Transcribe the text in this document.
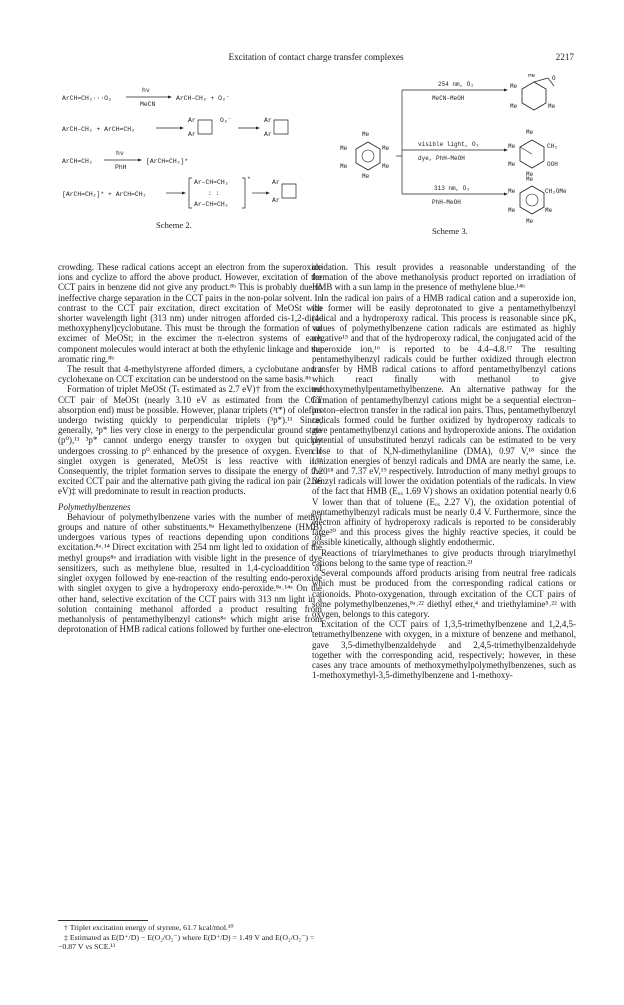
Excitation of contact charge transfer complexes	2217
ArCH=CH₂···O₂
hν
MeCN
ArCH–CH₂ + O₂⁻
ArCH–CH₂ + ArCH=CH₂
Ar
Ar
O₂⁻	Ar
Ar
ArCH=CH₂
hν
PhH
[ArCH=CH₂]*
[ArCH=CH₂]* + ArCH=CH₂
Ar–CH=CH₂
: :
Ar–CH=CH₂
*	Ar
Ar
Scheme 2.
Me
Me	Me
Me	Me
Me
254 nm, O₂
MeCN–MeOH
visible light, O₂
dye, PhH–MeOH
313 nm, O₂
PhH–MeOH
O
Me
Me
Me	Me
Me
Me
Me
Me
CH₂
OOH
Me
Me
Me
Me
Me
CH₂OMe
Scheme 3.

crowding. These radical cations accept an electron from the superoxide ions and cyclize to afford the above product. However, excitation of the CCT pairs in benzene did not give any product.⁸ᵇ This is probably due to ineffective charge separation in the CCT pairs in the non-polar solvent. In contrast to the CCT pair excitation, direct excitation of MeOSt with shorter wavelength light (313 nm) under nitrogen afforded cis-1,2-di(4-methoxyphenyl)cyclobutane. This must be through the formation of an excimer of MeOSt; in the excimer the π-electron systems of each component molecules would interact at both the ethylenic linkage and the aromatic ring.⁸ᵇ

The result that 4-methylstyrene afforded dimers, a cyclobutane and a cyclohexane on CCT excitation can be understood on the same basis.⁸ᵇ

Formation of triplet MeOSt (Tₜ estimated as 2.7 eV)† from the excited CCT pair of MeOSt (nearly 3.10 eV as estimated from the CCT absorption end) must be possible. However, planar triplets (³t*) of olefins undergo twisting quickly to perpendicular triplets (³p*).¹¹ Since, generally, ³p* lies very close in energy to the perpendicular ground state (p⁰),¹¹ ³p* cannot undergo energy transfer to oxygen but quickly undergoes crossing to p⁰ enhanced by the presence of oxygen. Even if singlet oxygen is generated, MeOSt is less reactive with it.¹² Consequently, the triplet formation serves to dissipate the energy of the excited CCT pair and the alternative path giving the radical ion pair (2.36 eV)‡ will predominate to result in reaction products.

Polymethylbenzenes

Behaviour of polymethylbenzene varies with the number of methyl groups and nature of other substituents.⁸ᵃ Hexamethylbenzene (HMB) undergoes various types of reactions depending upon conditions of excitation.⁸ᵃ˒¹⁴ Direct excitation with 254 nm light led to oxidation of the methyl groups⁸ᵃ and irradiation with visible light in the presence of dye sensitizers, such as methylene blue, resulted in 1,4-cycloaddition of singlet oxygen followed by ene-reaction of the resulting endo-peroxide with singlet oxygen to give a hydroperoxy endo-peroxide.⁸ᵃ˒¹⁴ᵃ On the other hand, selective excitation of the CCT pairs with 313 nm light in a solution containing methanol afforded a product resulting from methanolysis of pentamethylbenzyl cations⁸ᵃ which might arise from deprotonation of HMB radical cations followed by further one-electron

oxidation. This result provides a reasonable understanding of the formation of the above methanolysis product reported on irradiation of HMB with a sun lamp in the presence of methylene blue.¹⁴ᵇ

In the radical ion pairs of a HMB radical cation and a superoxide ion, the former will be easily deprotonated to give a pentamethylbenzyl radical and a hydroperoxy radical. This process is reasonable since pKₐ values of polymethylbenzene cation radicals are estimated as highly negative¹⁵ and that of the hydroperoxy radical, the conjugated acid of the superoxide ion,¹⁶ is reported to be 4.4–4.8.¹⁷ The resulting pentamethylbenzyl radicals could be further oxidized through electron transfer by HMB radical cations to afford pentamethylbenzyl cations which react finally with methanol to give methoxymethylpentamethylbenzene. An alternative pathway for the formation of pentamethylbenzyl cations might be a sequential electron–proton–electron transfer in the radical ion pairs. Thus, pentamethylbenzyl radicals formed could be further oxidized by hydroperoxy radicals to give pentamethylbenzyl cations and hydroperoxide anions. The oxidation potential of unsubstituted benzyl radicals can be estimated to be very close to that of N,N-dimethylaniline (DMA), 0.97 V,¹⁸ since the ionization energies of benzyl radicals and DMA are nearly the same, i.e. 7.20¹⁸ and 7.37 eV,¹⁹ respectively. Introduction of many methyl groups to benzyl radicals will lower the oxidation potentials of the radicals. In view of the fact that HMB (Eₒₓ 1.69 V) shows an oxidation potential nearly 0.6 V lower than that of toluene (Eₒₓ 2.27 V), the oxidation potential of pentamethylbenzyl radicals must be nearly 0.4 V. Furthermore, since the electron affinity of hydroperoxy radicals is reported to be considerably large²⁰ and this process gives the highly reactive species, it could be possible kinetically, although slightly endothermic.

Reactions of triarylmethanes to give products through triarylmethyl cations belong to the same type of reaction.²¹

Several compounds afford products arising from neutral free radicals which must be produced from the corresponding radical cations or cationoids. Photo-oxygenation, through excitation of the CCT pairs of some polymethylbenzenes,⁸ᵃ˒²² diethyl ether,⁴ and triethylamine⁵˒²² with oxygen, belongs to this category.

Excitation of the CCT pairs of 1,3,5-trimethylbenzene and 1,2,4,5-tetramethylbenzene with oxygen, in a mixture of benzene and methanol, gave 3,5-dimethylbenzaldehyde and 2,4,5-trimethylbenzaldehyde together with the corresponding acid, respectively; however, in these cases any trace amounts of methoxymethylpolymethylbenzenes, such as 1-methoxymethyl-3,5-dimethylbenzene and 1-methoxy-

† Triplet excitation energy of styrene, 61.7 kcal/mol.¹⁰
‡ Estimated as E(D⁺/D) − E(O₂/O₂⁻) where E(D⁺/D) = 1.49 V and E(O₂/O₂⁻) = −0.87 V vs SCE.¹³
